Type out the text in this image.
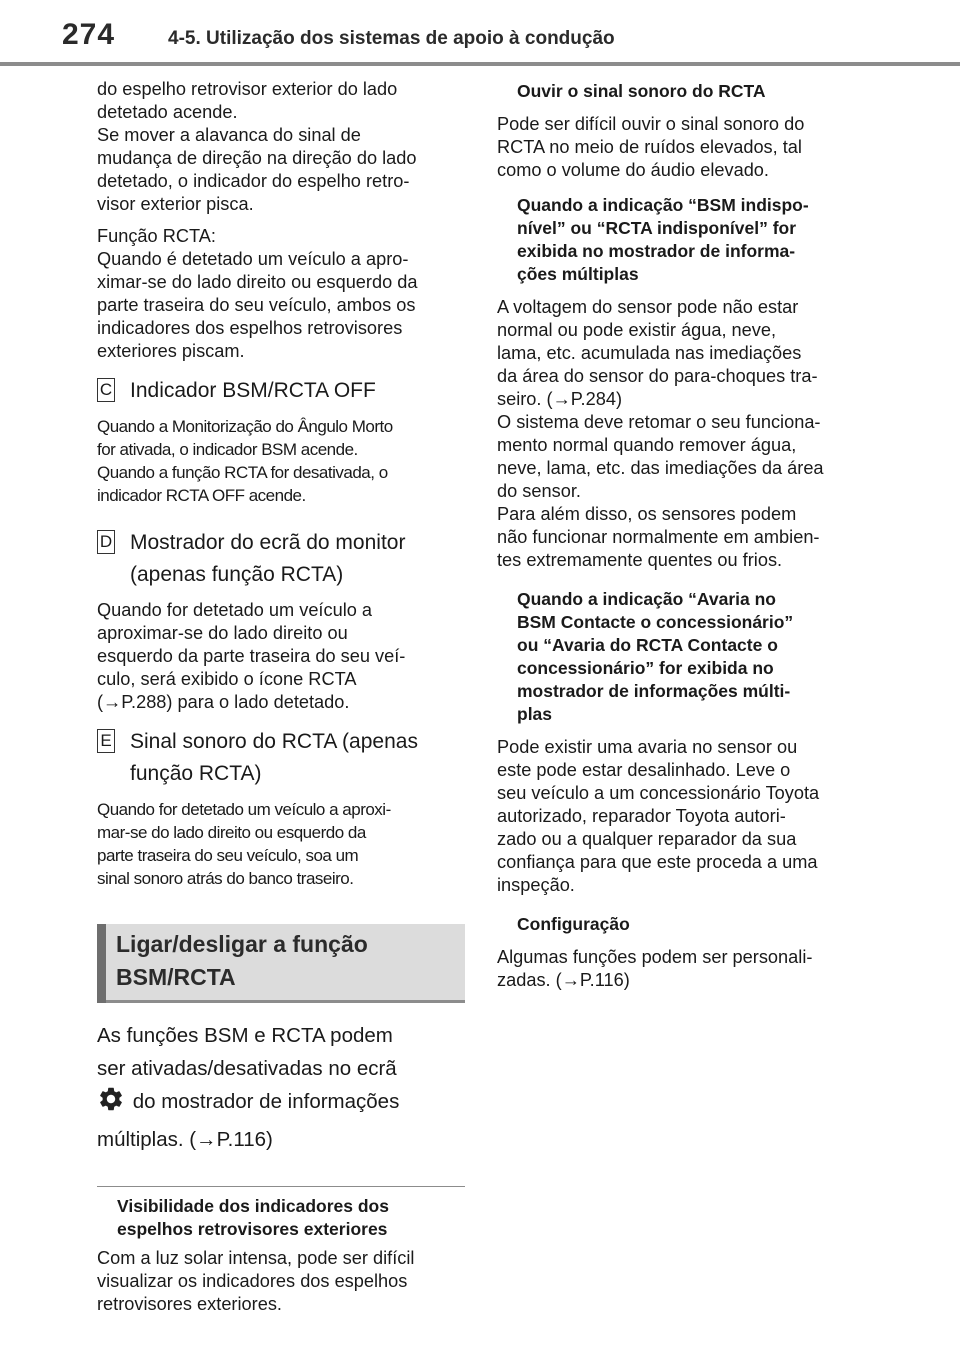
274	4-5. Utilização dos sistemas de apoio à condução

do espelho retrovisor exterior do lado

detetado acende.

Se mover a alavanca do sinal de

mudança de direção na direção do lado

detetado, o indicador do espelho retro-

visor exterior pisca.

Função RCTA:

Quando é detetado um veículo a apro-

ximar-se do lado direito ou esquerdo da

parte traseira do seu veículo, ambos os

indicadores dos espelhos retrovisores

exteriores piscam.

C Indicador BSM/RCTA OFF

Quando a Monitorização do Ângulo Morto

for ativada, o indicador BSM acende.

Quando a função RCTA for desativada, o

indicador RCTA OFF acende.

D Mostrador do ecrã do monitor

(apenas função RCTA)

Quando for detetado um veículo a

aproximar-se do lado direito ou

esquerdo da parte traseira do seu veí-

culo, será exibido o ícone RCTA

(→P.288) para o lado detetado.

E Sinal sonoro do RCTA (apenas

função RCTA)

Quando for detetado um veículo a aproxi-

mar-se do lado direito ou esquerdo da

parte traseira do seu veículo, soa um

sinal sonoro atrás do banco traseiro.

Ligar/desligar a função

BSM/RCTA

As funções BSM e RCTA podem

ser ativadas/desativadas no ecrã

do mostrador de informações

múltiplas. (→P.116)

Visibilidade dos indicadores dos

espelhos retrovisores exteriores

Com a luz solar intensa, pode ser difícil

visualizar os indicadores dos espelhos

retrovisores exteriores.

Ouvir o sinal sonoro do RCTA

Pode ser difícil ouvir o sinal sonoro do

RCTA no meio de ruídos elevados, tal

como o volume do áudio elevado.

Quando a indicação “BSM indispo-

nível” ou “RCTA indisponível” for

exibida no mostrador de informa-

ções múltiplas

A voltagem do sensor pode não estar

normal ou pode existir água, neve,

lama, etc. acumulada nas imediações

da área do sensor do para-choques tra-

seiro. (→P.284)

O sistema deve retomar o seu funciona-

mento normal quando remover água,

neve, lama, etc. das imediações da área

do sensor.

Para além disso, os sensores podem

não funcionar normalmente em ambien-

tes extremamente quentes ou frios.

Quando a indicação “Avaria no

BSM Contacte o concessionário”

ou “Avaria do RCTA Contacte o

concessionário” for exibida no

mostrador de informações múlti-

plas

Pode existir uma avaria no sensor ou

este pode estar desalinhado. Leve o

seu veículo a um concessionário Toyota

autorizado, reparador Toyota autori-

zado ou a qualquer reparador da sua

confiança para que este proceda a uma

inspeção.

Configuração

Algumas funções podem ser personali-

zadas. (→P.116)
